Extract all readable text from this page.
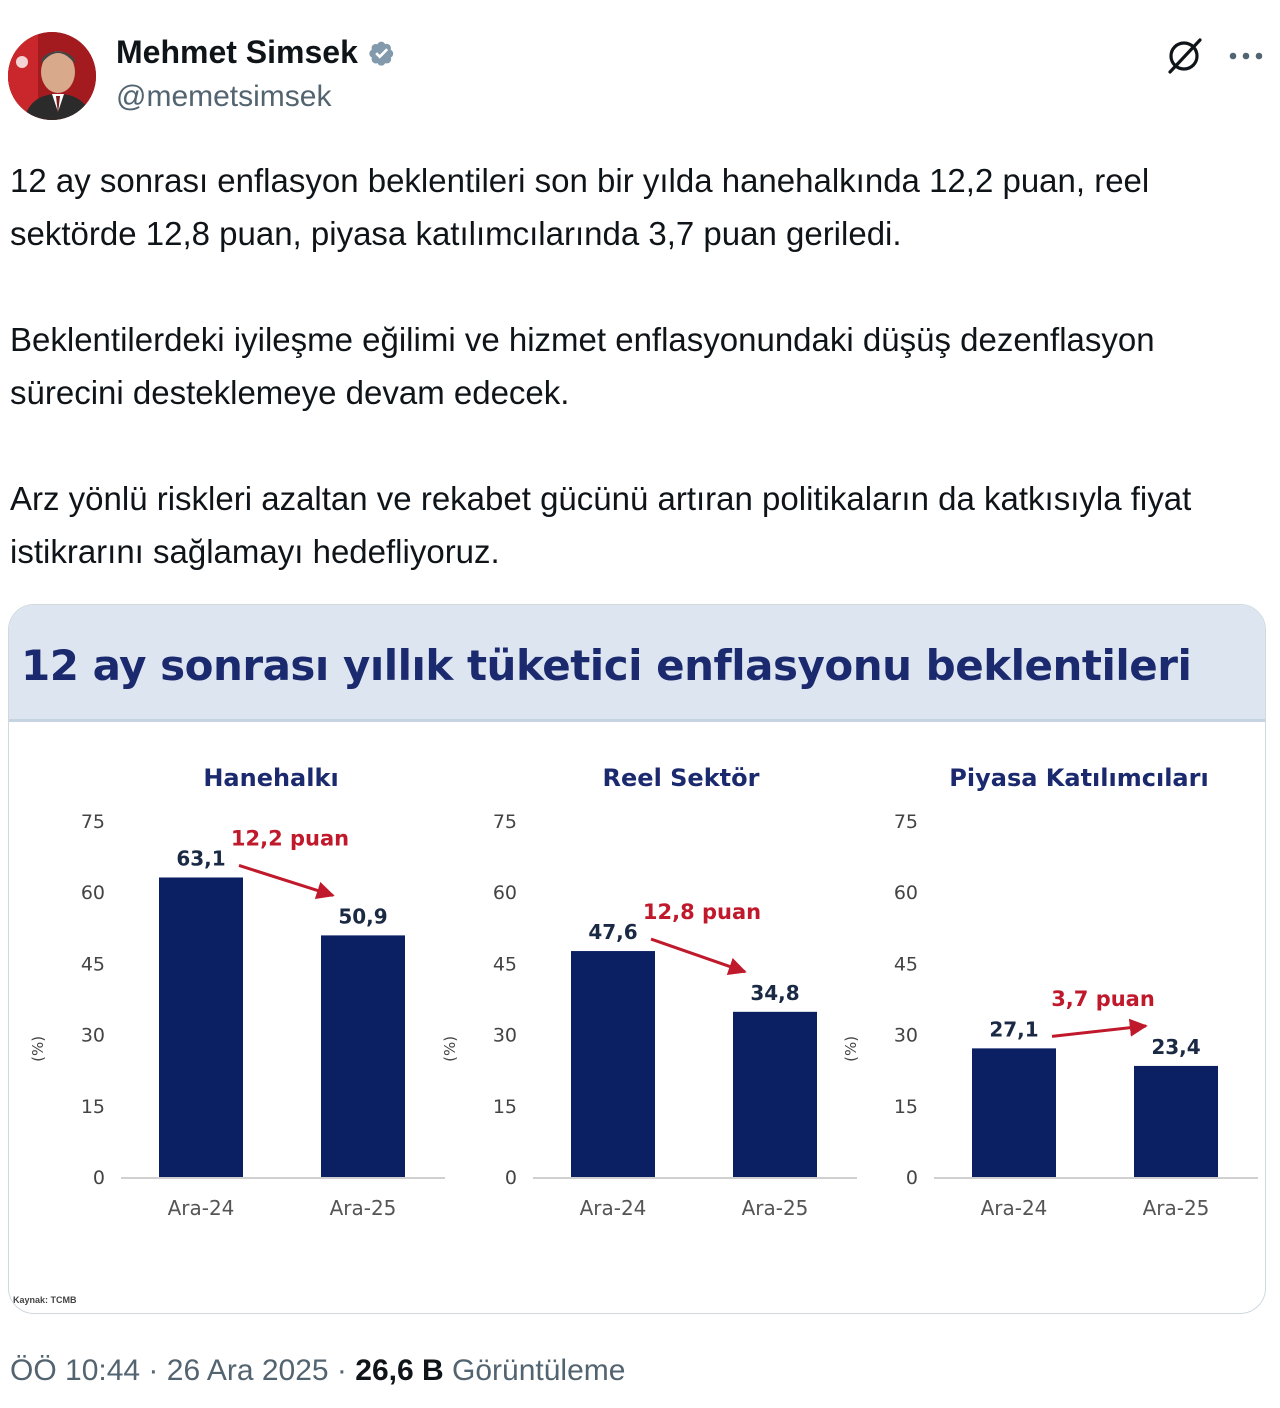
Mehmet Simsek
@memetsimsek

12 ay sonrası enflasyon beklentileri son bir yılda hanehalkında 12,2 puan, reel sektörde 12,8 puan, piyasa katılımcılarında 3,7 puan geriledi.

Beklentilerdeki iyileşme eğilimi ve hizmet enflasyonundaki düşüş dezenflasyon sürecini desteklemeye devam edecek.

Arz yönlü riskleri azaltan ve rekabet gücünü artıran politikaların da katkısıyla fiyat istikrarını sağlamayı hedefliyoruz.

12 ay sonrası yıllık tüketici enflasyonu beklentileri
Hanehalkı
0
15
30
45
60
75
(%)
63,1
Ara-24
50,9
Ara-25
12,2 puan
Reel Sektör
0
15
30
45
60
75
(%)
47,6
Ara-24
34,8
Ara-25
12,8 puan
Piyasa Katılımcıları
0
15
30
45
60
75
(%)
27,1
Ara-24
23,4
Ara-25
3,7 puan
Kaynak: TCMB
ÖÖ 10:44 · 26 Ara 2025 · 26,6 B Görüntüleme
